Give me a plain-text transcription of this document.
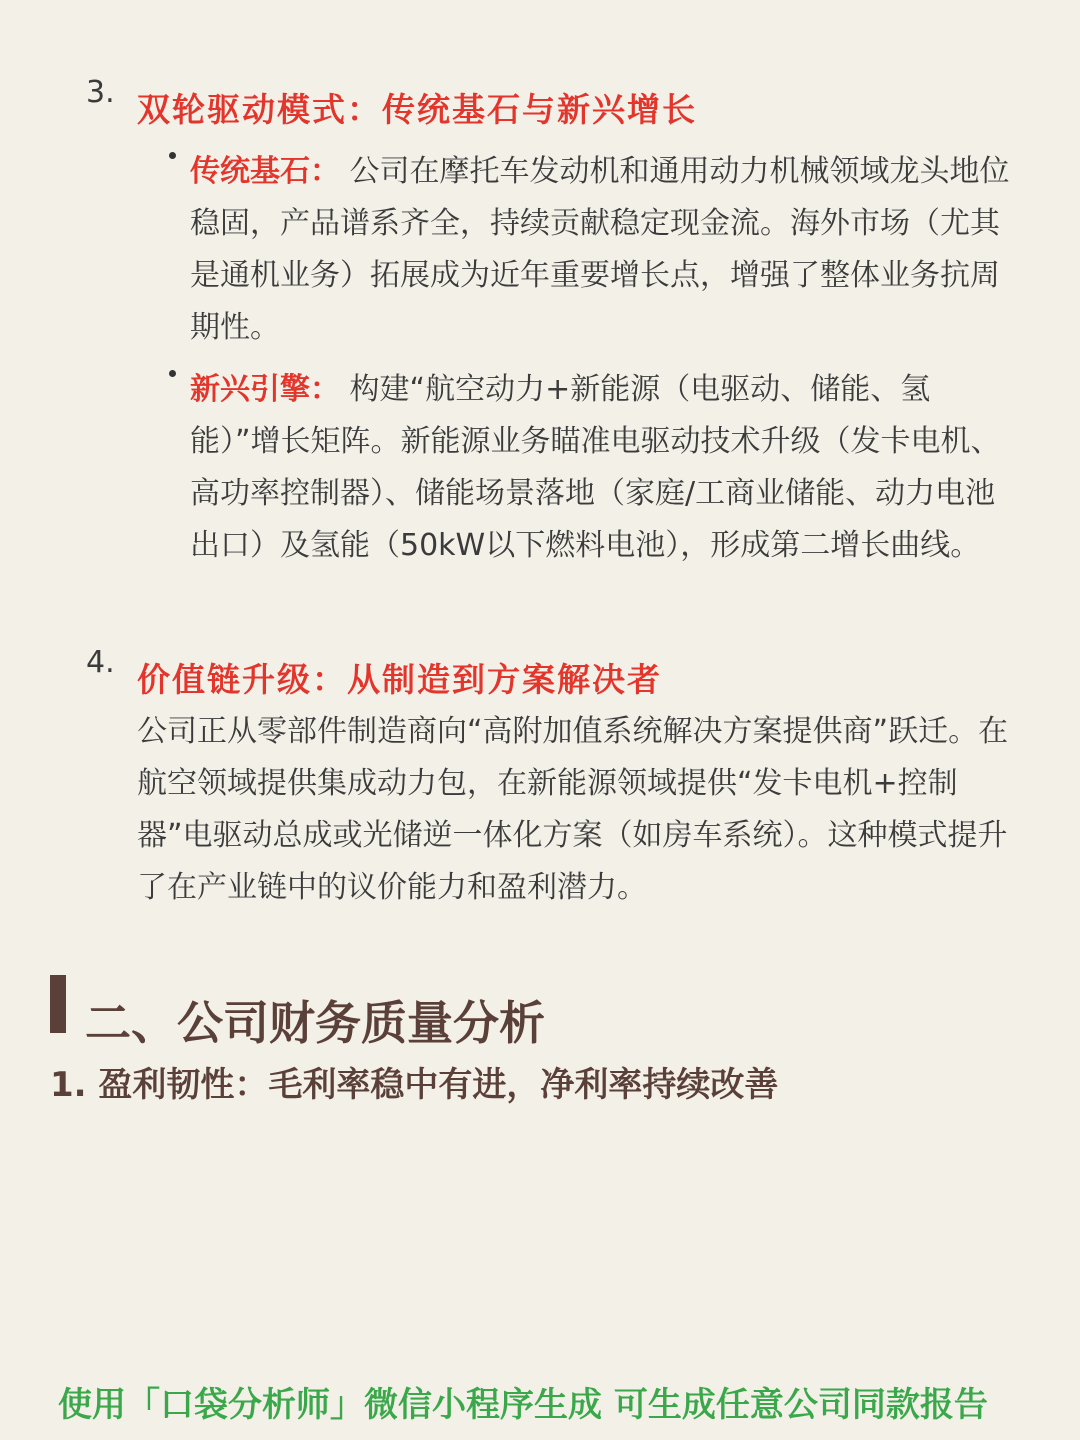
3. 双轮驱动模式：传统基石与新兴增长

传统基石： 公司在摩托车发动机和通用动力机械领域龙头地位稳固，产品谱系齐全，持续贡献稳定现金流。海外市场（尤其是通机业务）拓展成为近年重要增长点，增强了整体业务抗周期性。

新兴引擎： 构建“航空动力+新能源（电驱动、储能、氢能）”增长矩阵。新能源业务瞄准电驱动技术升级（发卡电机、高功率控制器）、储能场景落地（家庭/工商业储能、动力电池出口）及氢能（50kW以下燃料电池），形成第二增长曲线。

4. 价值链升级：从制造到方案解决者

公司正从零部件制造商向“高附加值系统解决方案提供商”跃迁。在航空领域提供集成动力包，在新能源领域提供“发卡电机+控制器”电驱动总成或光储逆一体化方案（如房车系统）。这种模式提升了在产业链中的议价能力和盈利潜力。

二、公司财务质量分析
1. 盈利韧性：毛利率稳中有进，净利率持续改善
使用「口袋分析师」微信小程序生成 可生成任意公司同款报告
